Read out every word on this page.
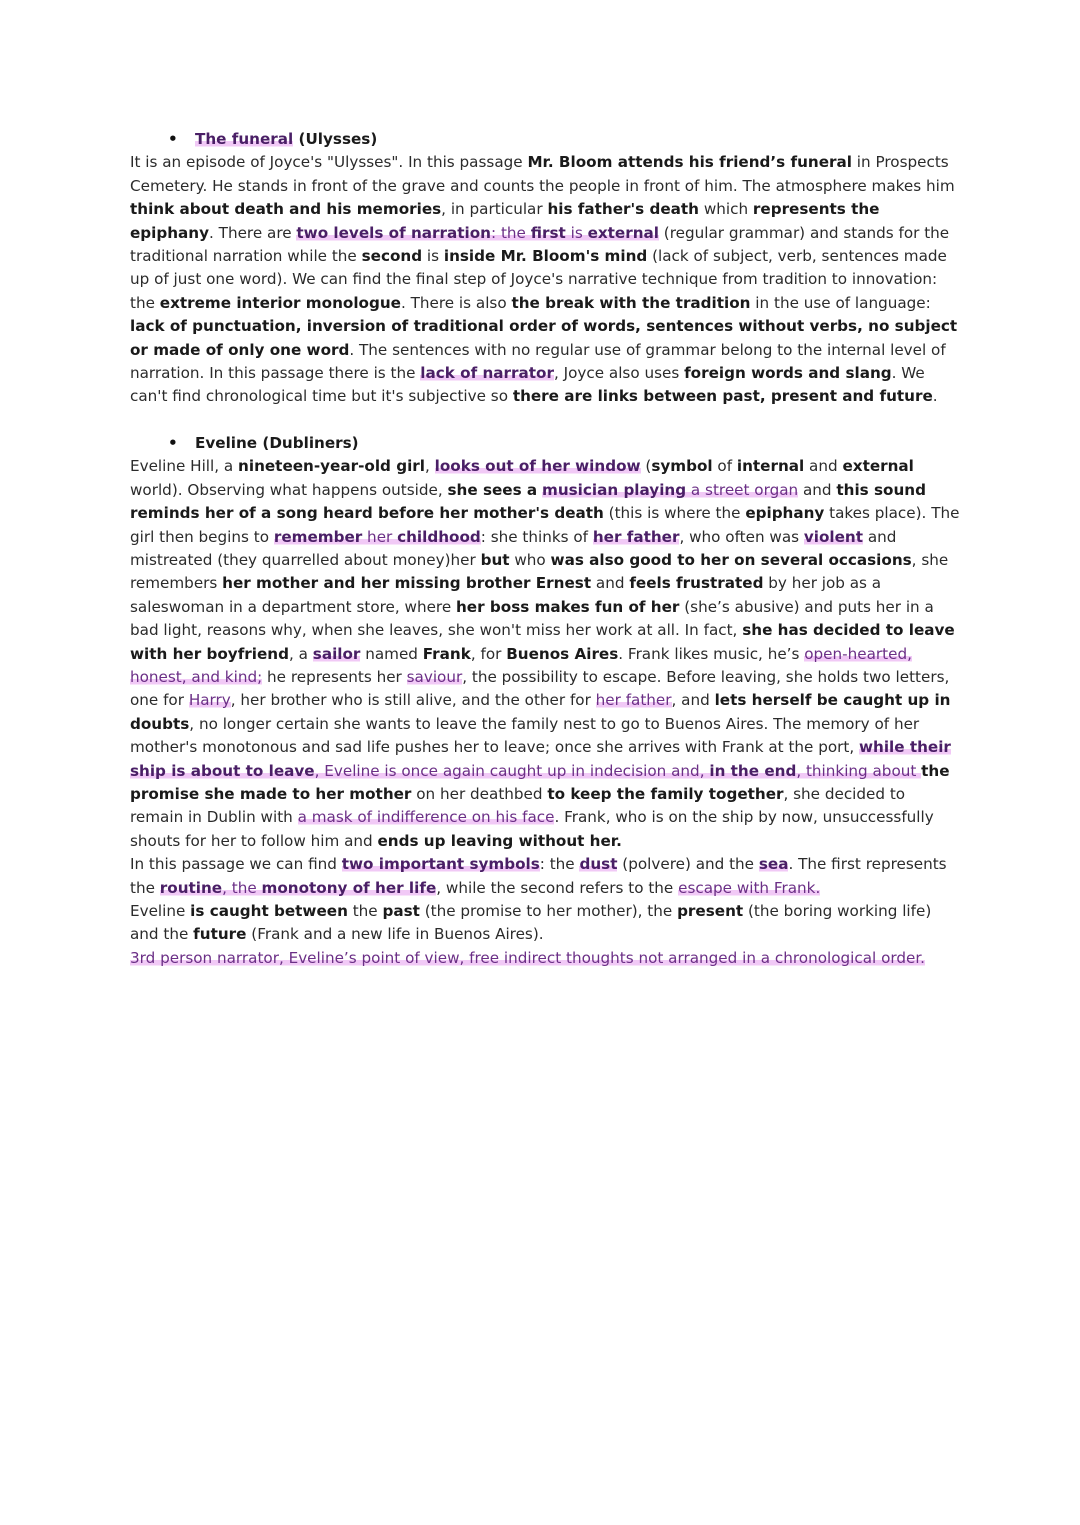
• The funeral (Ulysses)

It is an episode of Joyce's "Ulysses". In this passage Mr. Bloom attends his friend’s funeral in Prospects Cemetery. He stands in front of the grave and counts the people in front of him. The atmosphere makes him think about death and his memories, in particular his father's death which represents the epiphany. There are two levels of narration: the first is external (regular grammar) and stands for the traditional narration while the second is inside Mr. Bloom's mind (lack of subject, verb, sentences made up of just one word). We can find the final step of Joyce's narrative technique from tradition to innovation: the extreme interior monologue. There is also the break with the tradition in the use of language: lack of punctuation, inversion of traditional order of words, sentences without verbs, no subject or made of only one word. The sentences with no regular use of grammar belong to the internal level of narration. In this passage there is the lack of narrator, Joyce also uses foreign words and slang. We can't find chronological time but it's subjective so there are links between past, present and future.

• Eveline (Dubliners)

Eveline Hill, a nineteen-year-old girl, looks out of her window (symbol of internal and external world). Observing what happens outside, she sees a musician playing a street organ and this sound reminds her of a song heard before her mother's death (this is where the epiphany takes place). The girl then begins to remember her childhood: she thinks of her father, who often was violent and mistreated (they quarrelled about money)her but who was also good to her on several occasions, she remembers her mother and her missing brother Ernest and feels frustrated by her job as a saleswoman in a department store, where her boss makes fun of her (she’s abusive) and puts her in a bad light, reasons why, when she leaves, she won't miss her work at all. In fact, she has decided to leave with her boyfriend, a sailor named Frank, for Buenos Aires. Frank likes music, he’s open-hearted, honest, and kind; he represents her saviour, the possibility to escape. Before leaving, she holds two letters, one for Harry, her brother who is still alive, and the other for her father, and lets herself be caught up in doubts, no longer certain she wants to leave the family nest to go to Buenos Aires. The memory of her mother's monotonous and sad life pushes her to leave; once she arrives with Frank at the port, while their ship is about to leave, Eveline is once again caught up in indecision and, in the end, thinking about the promise she made to her mother on her deathbed to keep the family together, she decided to remain in Dublin with a mask of indifference on his face. Frank, who is on the ship by now, unsuccessfully shouts for her to follow him and ends up leaving without her.

In this passage we can find two important symbols: the dust (polvere) and the sea. The first represents the routine, the monotony of her life, while the second refers to the escape with Frank.

Eveline is caught between the past (the promise to her mother), the present (the boring working life) and the future (Frank and a new life in Buenos Aires).

3rd person narrator, Eveline’s point of view, free indirect thoughts not arranged in a chronological order.
